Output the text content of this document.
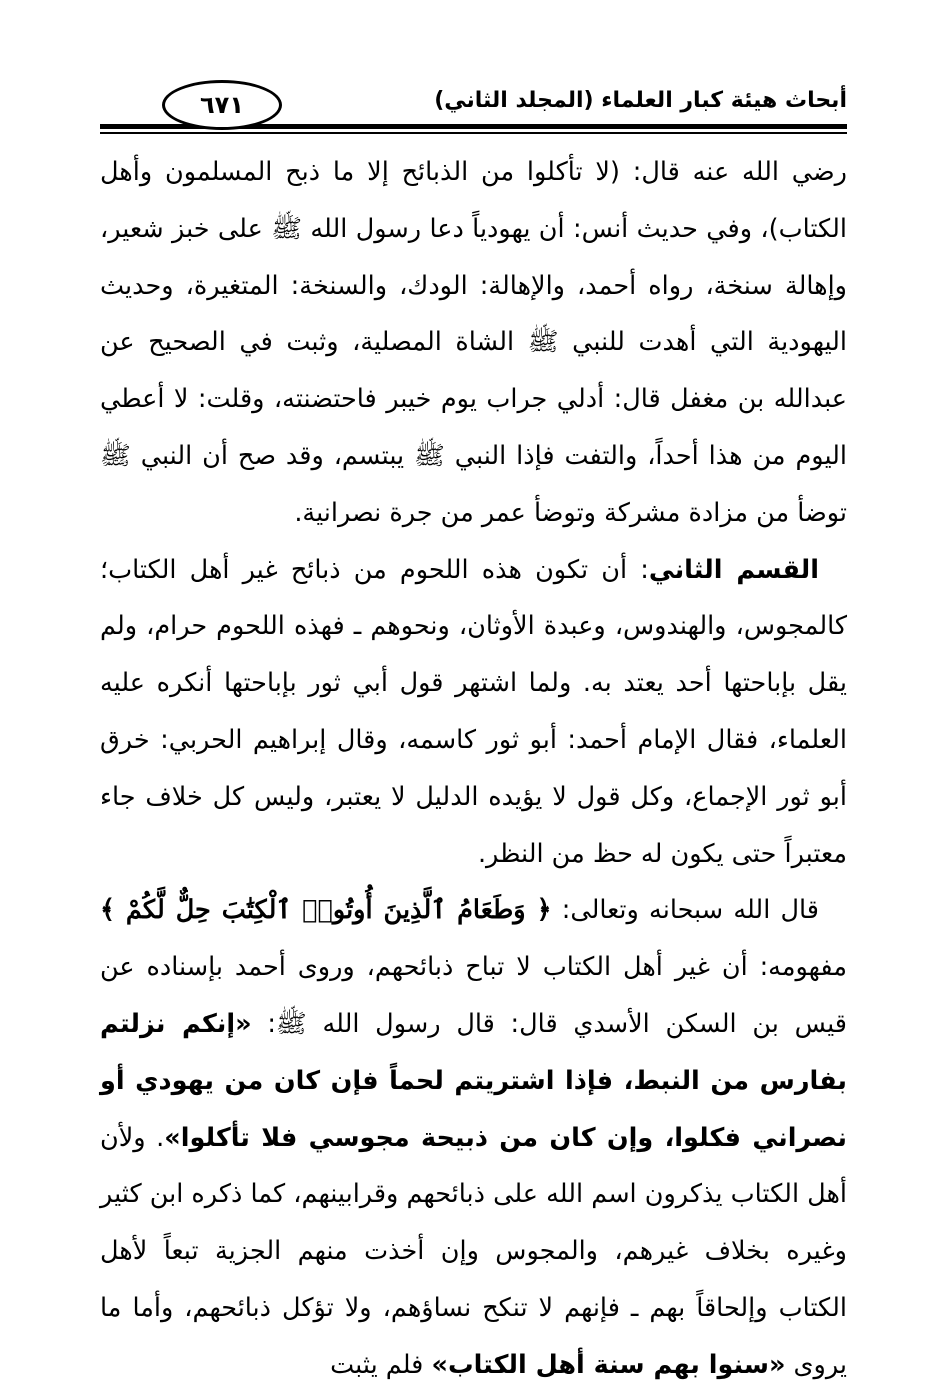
أبحاث هيئة كبار العلماء (المجلد الثاني)
٦٧١

رضي الله عنه قال: (لا تأكلوا من الذبائح إلا ما ذبح المسلمون وأهل الكتاب)، وفي حديث أنس: أن يهودياً دعا رسول الله ﷺ على خبز شعير، وإهالة سنخة، رواه أحمد، والإهالة: الودك، والسنخة: المتغيرة، وحديث اليهودية التي أهدت للنبي ﷺ الشاة المصلية، وثبت في الصحيح عن عبدالله بن مغفل قال: أدلي جراب يوم خيبر فاحتضنته، وقلت: لا أعطي اليوم من هذا أحداً، والتفت فإذا النبي ﷺ يبتسم، وقد صح أن النبي ﷺ توضأ من مزادة مشركة وتوضأ عمر من جرة نصرانية.

القسم الثاني: أن تكون هذه اللحوم من ذبائح غير أهل الكتاب؛ كالمجوس، والهندوس، وعبدة الأوثان، ونحوهم ـ فهذه اللحوم حرام، ولم يقل بإباحتها أحد يعتد به. ولما اشتهر قول أبي ثور بإباحتها أنكره عليه العلماء، فقال الإمام أحمد: أبو ثور كاسمه، وقال إبراهيم الحربي: خرق أبو ثور الإجماع، وكل قول لا يؤيده الدليل لا يعتبر، وليس كل خلاف جاء معتبراً حتى يكون له حظ من النظر.

قال الله سبحانه وتعالى: ﴿ وَطَعَامُ ٱلَّذِينَ أُوتُوا۟ ٱلْكِتَٰبَ حِلٌّ لَّكُمْ ﴾ مفهومه: أن غير أهل الكتاب لا تباح ذبائحهم، وروى أحمد بإسناده عن قيس بن السكن الأسدي قال: قال رسول الله ﷺ: «إنكم نزلتم بفارس من النبط، فإذا اشتريتم لحماً فإن كان من يهودي أو نصراني فكلوا، وإن كان من ذبيحة مجوسي فلا تأكلوا». ولأن أهل الكتاب يذكرون اسم الله على ذبائحهم وقرابينهم، كما ذكره ابن كثير وغيره بخلاف غيرهم، والمجوس وإن أخذت منهم الجزية تبعاً لأهل الكتاب وإلحاقاً بهم ـ فإنهم لا تنكح نساؤهم، ولا تؤكل ذبائحهم، وأما ما يروى «سنوا بهم سنة أهل الكتاب» فلم يثبت
